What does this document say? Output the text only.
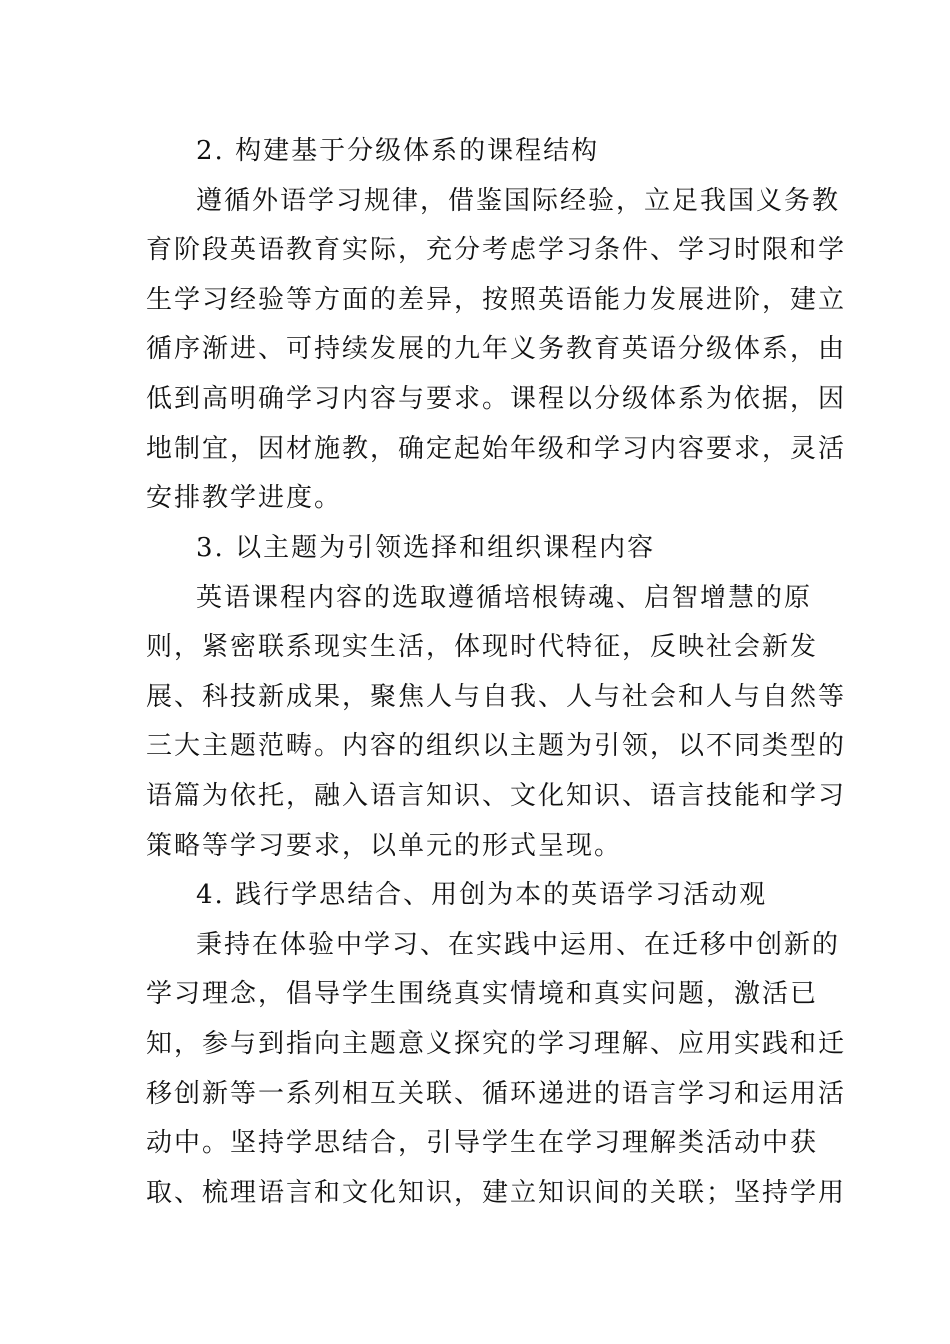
2. 构建基于分级体系的课程结构
遵循外语学习规律，借鉴国际经验，立足我国义务教
育阶段英语教育实际，充分考虑学习条件、学习时限和学
生学习经验等方面的差异，按照英语能力发展进阶，建立
循序渐进、可持续发展的九年义务教育英语分级体系，由
低到高明确学习内容与要求。课程以分级体系为依据，因
地制宜，因材施教，确定起始年级和学习内容要求，灵活
安排教学进度。
3. 以主题为引领选择和组织课程内容
英语课程内容的选取遵循培根铸魂、启智增慧的原
则，紧密联系现实生活，体现时代特征，反映社会新发
展、科技新成果，聚焦人与自我、人与社会和人与自然等
三大主题范畴。内容的组织以主题为引领，以不同类型的
语篇为依托，融入语言知识、文化知识、语言技能和学习
策略等学习要求，以单元的形式呈现。
4. 践行学思结合、用创为本的英语学习活动观
秉持在体验中学习、在实践中运用、在迁移中创新的
学习理念，倡导学生围绕真实情境和真实问题，激活已
知，参与到指向主题意义探究的学习理解、应用实践和迁
移创新等一系列相互关联、循环递进的语言学习和运用活
动中。坚持学思结合，引导学生在学习理解类活动中获
取、梳理语言和文化知识，建立知识间的关联；坚持学用
